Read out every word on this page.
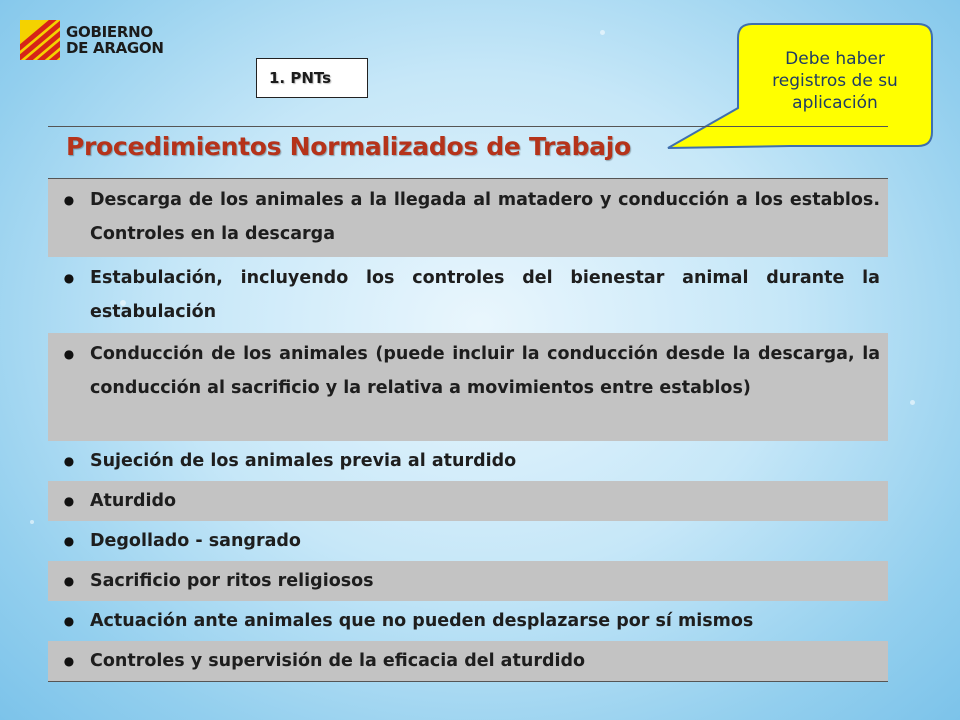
GOBIERNO
DE ARAGON
1. PNTs
Debe haber
registros de su
aplicación
Procedimientos Normalizados de Trabajo
● Descarga de los animales a la llegada al matadero y conducción a los establos. Controles en la descarga
● Estabulación, incluyendo los controles del bienestar animal durante la estabulación
● Conducción de los animales (puede incluir la conducción desde la descarga, la conducción al sacrificio y la relativa a movimientos entre establos)
● Sujeción de los animales previa al aturdido
● Aturdido
● Degollado - sangrado
● Sacrificio por ritos religiosos
● Actuación ante animales que no pueden desplazarse por sí mismos
● Controles y supervisión de la eficacia del aturdido
